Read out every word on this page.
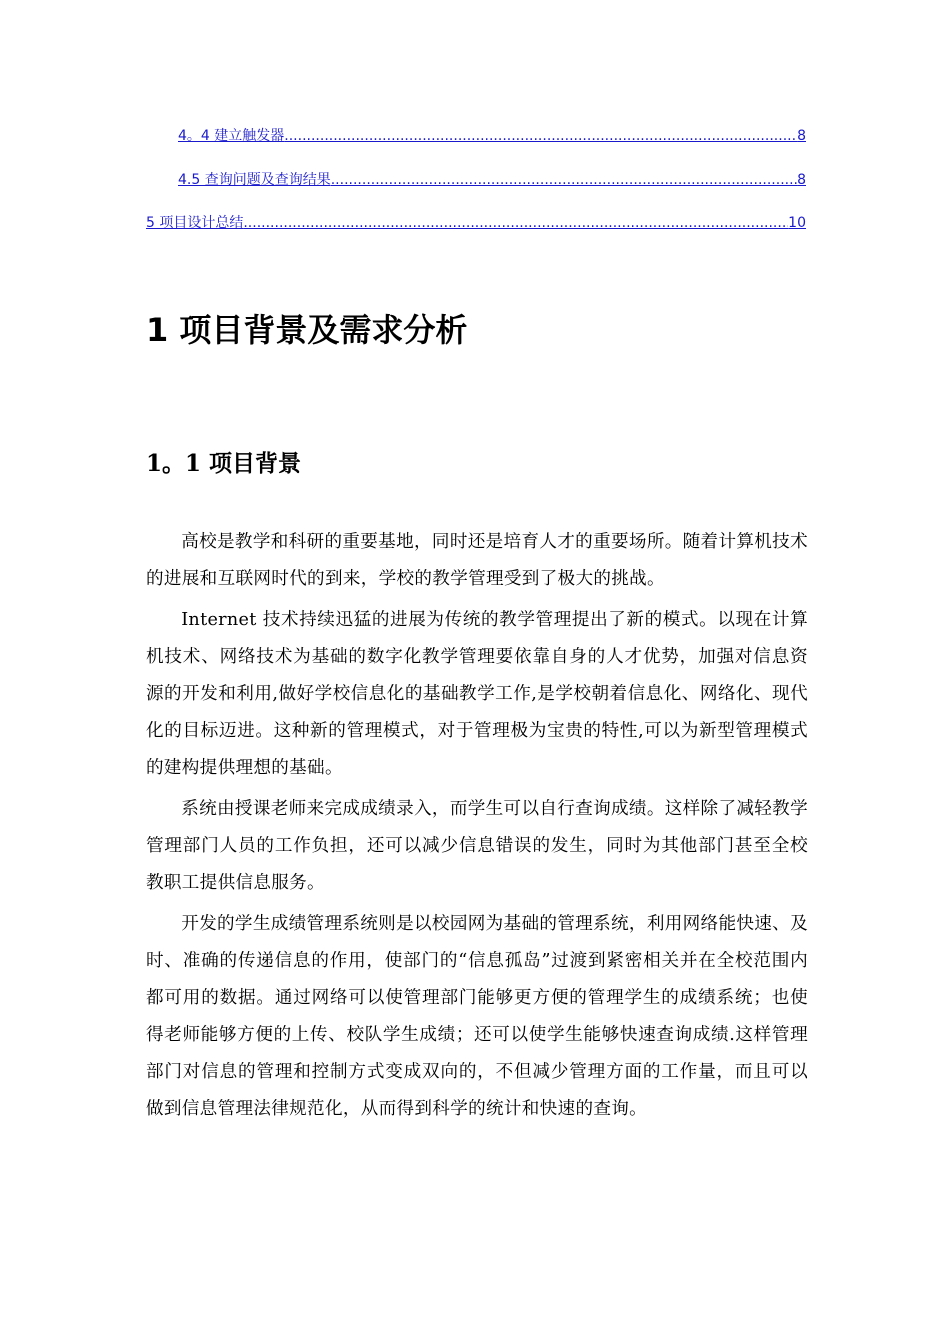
4。4 建立触发器 .....	8
4.5 查询问题及查询结果 .....	8
5 项目设计总结 .....	10
1 项目背景及需求分析
1。1 项目背景

高校是教学和科研的重要基地，同时还是培育人才的重要场所。随着计算机技术的进展和互联网时代的到来，学校的教学管理受到了极大的挑战。

Internet 技术持续迅猛的进展为传统的教学管理提出了新的模式。以现在计算机技术、网络技术为基础的数字化教学管理要依靠自身的人才优势，加强对信息资源的开发和利用,做好学校信息化的基础教学工作,是学校朝着信息化、网络化、现代化的目标迈进。这种新的管理模式，对于管理极为宝贵的特性,可以为新型管理模式的建构提供理想的基础。

系统由授课老师来完成成绩录入，而学生可以自行查询成绩。这样除了减轻教学管理部门人员的工作负担，还可以减少信息错误的发生，同时为其他部门甚至全校教职工提供信息服务。

开发的学生成绩管理系统则是以校园网为基础的管理系统，利用网络能快速、及时、准确的传递信息的作用，使部门的“信息孤岛”过渡到紧密相关并在全校范围内都可用的数据。通过网络可以使管理部门能够更方便的管理学生的成绩系统；也使得老师能够方便的上传、校队学生成绩；还可以使学生能够快速查询成绩.这样管理部门对信息的管理和控制方式变成双向的，不但减少管理方面的工作量，而且可以做到信息管理法律规范化，从而得到科学的统计和快速的查询。
